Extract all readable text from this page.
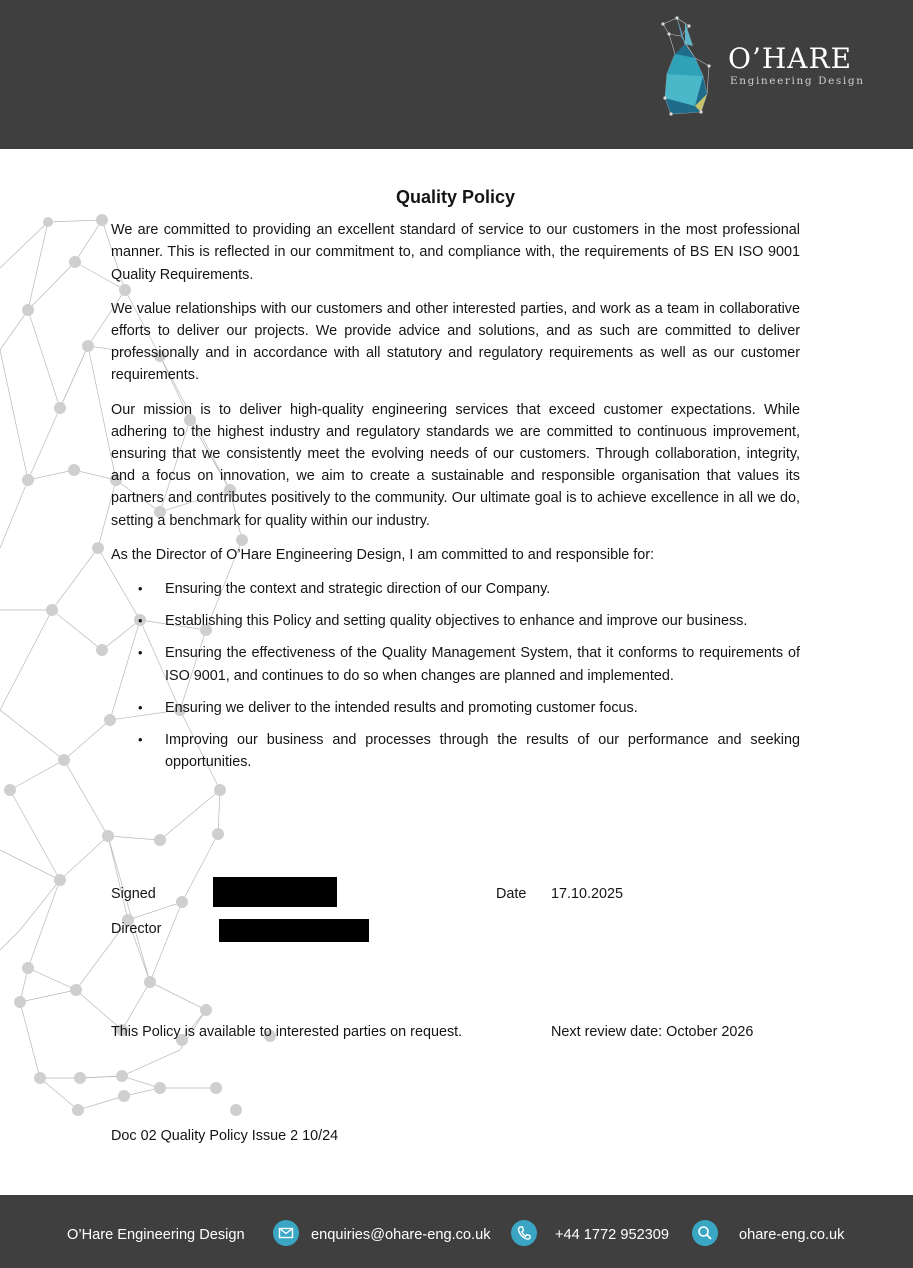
O’HARE
Engineering Design
Quality Policy

We are committed to providing an excellent standard of service to our customers in the most professional manner. This is reflected in our commitment to, and compliance with, the requirements of BS EN ISO 9001 Quality Requirements.

We value relationships with our customers and other interested parties, and work as a team in collaborative efforts to deliver our projects. We provide advice and solutions, and as such are committed to deliver professionally and in accordance with all statutory and regulatory requirements as well as our customer requirements.

Our mission is to deliver high-quality engineering services that exceed customer expectations. While adhering to the highest industry and regulatory standards we are committed to continuous improvement, ensuring that we consistently meet the evolving needs of our customers. Through collaboration, integrity, and a focus on innovation, we aim to create a sustainable and responsible organisation that values its partners and contributes positively to the community. Our ultimate goal is to achieve excellence in all we do, setting a benchmark for quality within our industry.

As the Director of O’Hare Engineering Design, I am committed to and responsible for:

• Ensuring the context and strategic direction of our Company.
• Establishing this Policy and setting quality objectives to enhance and improve our business.
• Ensuring the effectiveness of the Quality Management System, that it conforms to requirements of ISO 9001, and continues to do so when changes are planned and implemented.
• Ensuring we deliver to the intended results and promoting customer focus.
• Improving our business and processes through the results of our performance and seeking opportunities.
Signed	Date 17.10.2025
Director
This Policy is available to interested parties on request.	Next review date: October 2026
Doc 02 Quality Policy Issue 2 10/24
O’Hare Engineering Design	enquiries@ohare-eng.co.uk	+44 1772 952309	ohare-eng.co.uk
